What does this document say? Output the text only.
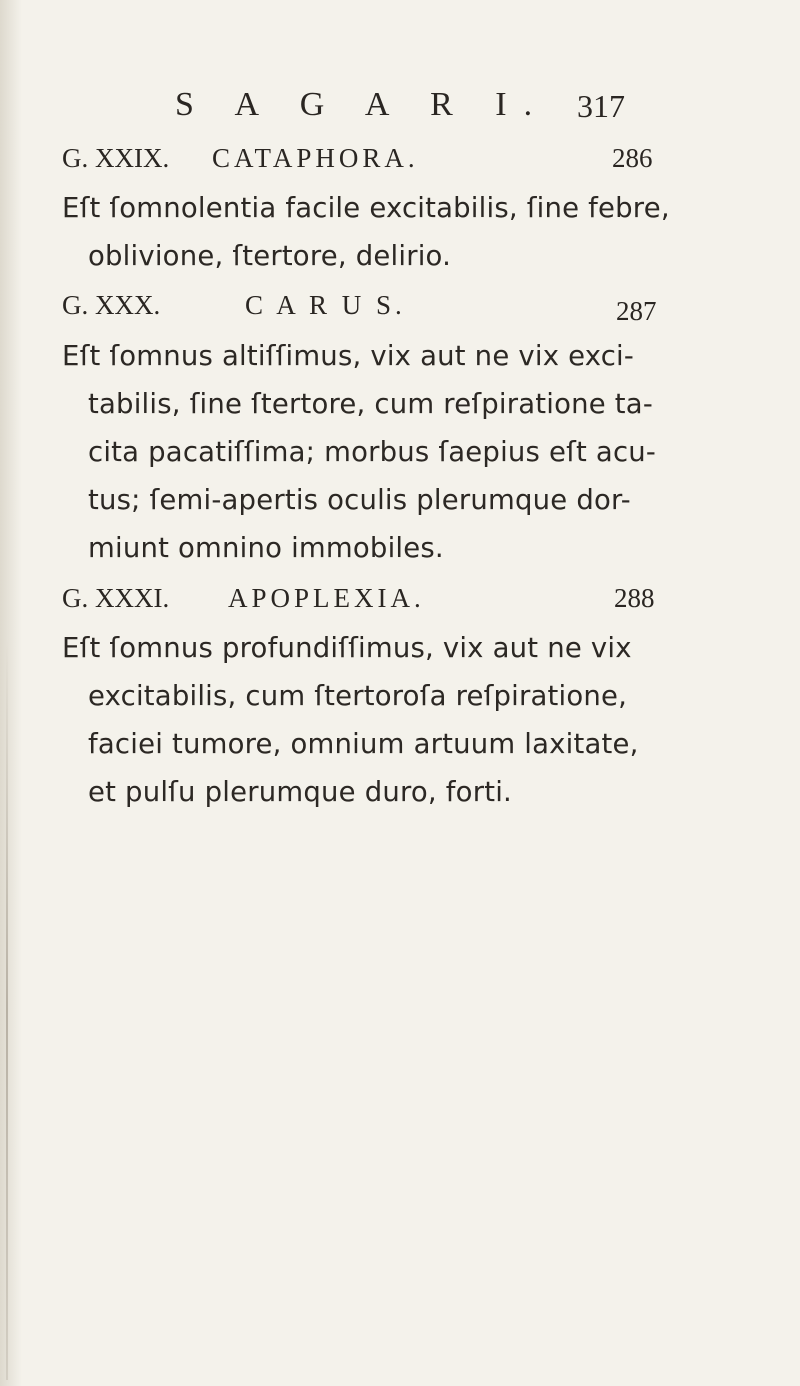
S A G A R I. 317
G. XXIX. CATAPHORA.	286
Eſt ſomnolentia facile excitabilis, ſine febre,
oblivione, ſtertore, delirio.
G. XXX.	C A R U S.	287
Eſt ſomnus altiſſimus, vix aut ne vix exci-
tabilis, ſine ſtertore, cum reſpiratione ta-
cita pacatiſſima; morbus ſaepius eſt acu-
tus; ſemi-apertis oculis plerumque dor-
miunt omnino immobiles.
G. XXXI. APOPLEXIA.	288
Eſt ſomnus profundiſſimus, vix aut ne vix
excitabilis, cum ſtertoroſa reſpiratione,
faciei tumore, omnium artuum laxitate,
et pulſu plerumque duro, forti.
